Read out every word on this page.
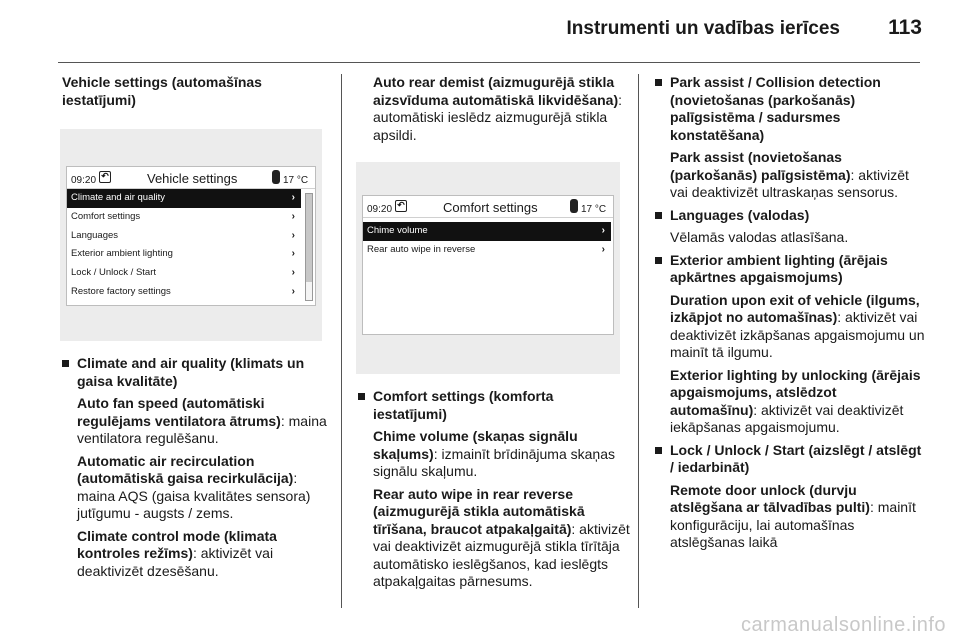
Instrumenti un vadības ierīces 113
Vehicle settings (automašīnas iestatījumi)
09:20 ↶	Vehicle settings	17 °C
Climate and air quality	›
Comfort settings	›
Languages	›
Exterior ambient lighting	›
Lock / Unlock / Start	›
Restore factory settings	›
Climate and air quality (klimats un gaisa kvalitāte)
Auto fan speed (automātiski regulējams ventilatora ātrums): maina ventilatora regulēšanu.
Automatic air recirculation (automātiskā gaisa recirkulācija): maina AQS (gaisa kvalitātes sensora) jutīgumu - augsts / zems.
Climate control mode (klimata kontroles režīms): aktivizēt vai deaktivizēt dzesēšanu.
Auto rear demist (aizmugurējā stikla aizsvīduma automātiskā likvidēšana): automātiski ieslēdz aizmugurējā stikla apsildi.
09:20 ↶	Comfort settings	17 °C
Chime volume	›
Rear auto wipe in reverse	›
Comfort settings (komforta iestatījumi)
Chime volume (skaņas signālu skaļums): izmainīt brīdinājuma skaņas signālu skaļumu.
Rear auto wipe in rear reverse (aizmugurējā stikla automātiskā tīrīšana, braucot atpakaļgaitā): aktivizēt vai deaktivizēt aizmugurējā stikla tīrītāja automātisko ieslēgšanos, kad ieslēgts atpakaļgaitas pārnesums.
Park assist / Collision detection (novietošanas (parkošanās) palīgsistēma / sadursmes konstatēšana)
Park assist (novietošanas (parkošanās) palīgsistēma): aktivizēt vai deaktivizēt ultraskaņas sensorus.
Languages (valodas)
Vēlamās valodas atlasīšana.
Exterior ambient lighting (ārējais apkārtnes apgaismojums)
Duration upon exit of vehicle (ilgums, izkāpjot no automašīnas): aktivizēt vai deaktivizēt izkāpšanas apgaismojumu un mainīt tā ilgumu.
Exterior lighting by unlocking (ārējais apgaismojums, atslēdzot automašīnu): aktivizēt vai deaktivizēt iekāpšanas apgaismojumu.
Lock / Unlock / Start (aizslēgt / atslēgt / iedarbināt)
Remote door unlock (durvju atslēgšana ar tālvadības pulti): mainīt konfigurāciju, lai automašīnas atslēgšanas laikā
carmanualsonline.info
